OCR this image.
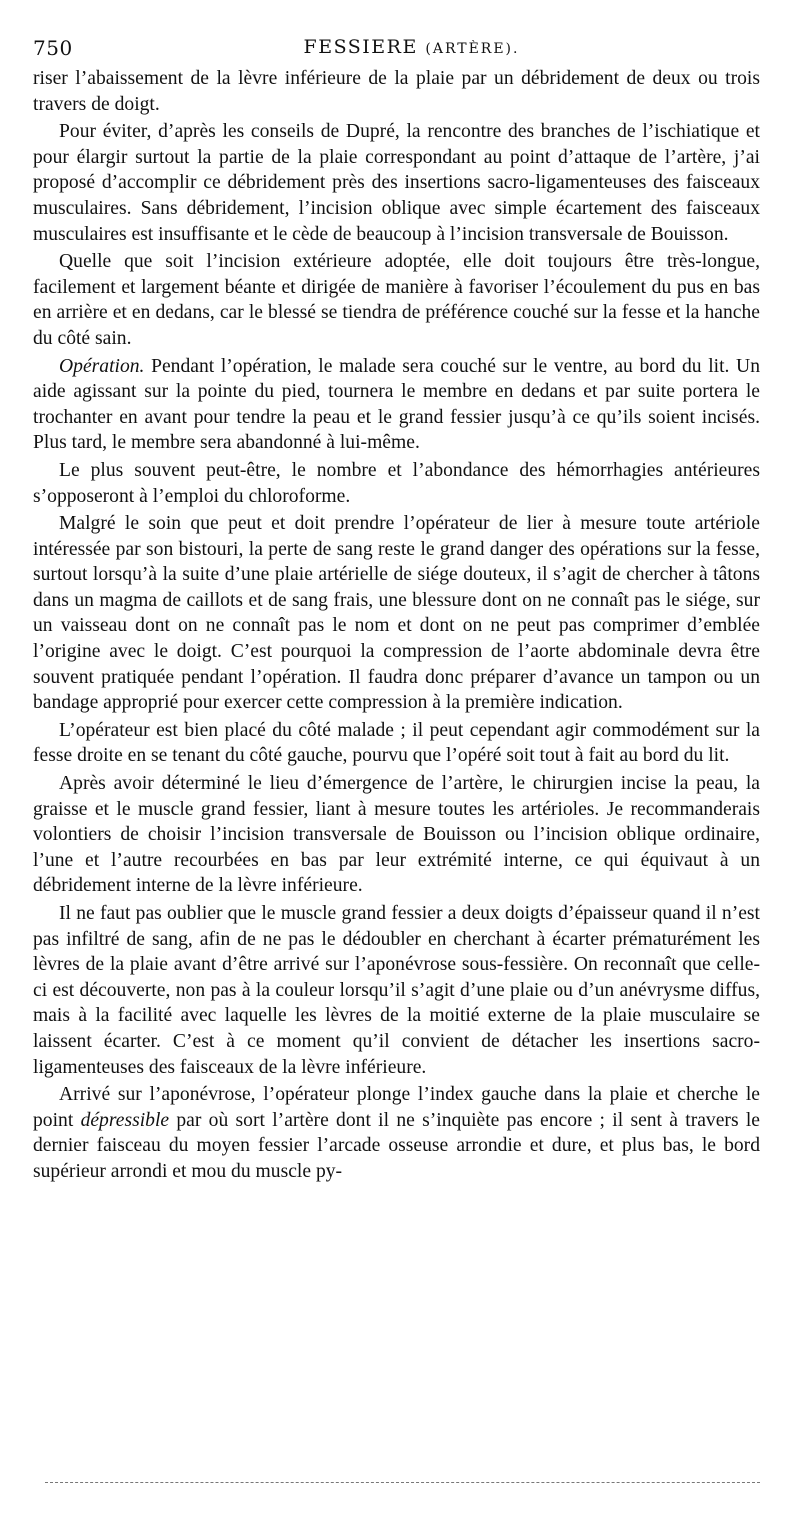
750	FESSIERE (ARTÈRE).

riser l’abaissement de la lèvre inférieure de la plaie par un débridement de deux ou trois travers de doigt.

Pour éviter, d’après les conseils de Dupré, la rencontre des branches de l’ischiatique et pour élargir surtout la partie de la plaie correspondant au point d’attaque de l’artère, j’ai proposé d’accomplir ce débridement près des insertions sacro-ligamenteuses des faisceaux musculaires. Sans débridement, l’incision oblique avec simple écartement des faisceaux musculaires est insuffisante et le cède de beaucoup à l’incision transversale de Bouisson.

Quelle que soit l’incision extérieure adoptée, elle doit toujours être très-longue, facilement et largement béante et dirigée de manière à favoriser l’écoulement du pus en bas en arrière et en dedans, car le blessé se tiendra de préférence couché sur la fesse et la hanche du côté sain.

Opération. Pendant l’opération, le malade sera couché sur le ventre, au bord du lit. Un aide agissant sur la pointe du pied, tournera le membre en dedans et par suite portera le trochanter en avant pour tendre la peau et le grand fessier jusqu’à ce qu’ils soient incisés. Plus tard, le membre sera abandonné à lui-même.

Le plus souvent peut-être, le nombre et l’abondance des hémorrhagies antérieures s’opposeront à l’emploi du chloroforme.

Malgré le soin que peut et doit prendre l’opérateur de lier à mesure toute artériole intéressée par son bistouri, la perte de sang reste le grand danger des opérations sur la fesse, surtout lorsqu’à la suite d’une plaie artérielle de siége douteux, il s’agit de chercher à tâtons dans un magma de caillots et de sang frais, une blessure dont on ne connaît pas le siége, sur un vaisseau dont on ne connaît pas le nom et dont on ne peut pas comprimer d’emblée l’origine avec le doigt. C’est pourquoi la compression de l’aorte abdominale devra être souvent pratiquée pendant l’opération. Il faudra donc préparer d’avance un tampon ou un bandage approprié pour exercer cette compression à la première indication.

L’opérateur est bien placé du côté malade ; il peut cependant agir commodément sur la fesse droite en se tenant du côté gauche, pourvu que l’opéré soit tout à fait au bord du lit.

Après avoir déterminé le lieu d’émergence de l’artère, le chirurgien incise la peau, la graisse et le muscle grand fessier, liant à mesure toutes les artérioles. Je recommanderais volontiers de choisir l’incision transversale de Bouisson ou l’incision oblique ordinaire, l’une et l’autre recourbées en bas par leur extrémité interne, ce qui équivaut à un débridement interne de la lèvre inférieure.

Il ne faut pas oublier que le muscle grand fessier a deux doigts d’épaisseur quand il n’est pas infiltré de sang, afin de ne pas le dédoubler en cherchant à écarter prématurément les lèvres de la plaie avant d’être arrivé sur l’aponévrose sous-fessière. On reconnaît que celle-ci est découverte, non pas à la couleur lorsqu’il s’agit d’une plaie ou d’un anévrysme diffus, mais à la facilité avec laquelle les lèvres de la moitié externe de la plaie musculaire se laissent écarter. C’est à ce moment qu’il convient de détacher les insertions sacro-ligamenteuses des faisceaux de la lèvre inférieure.

Arrivé sur l’aponévrose, l’opérateur plonge l’index gauche dans la plaie et cherche le point dépressible par où sort l’artère dont il ne s’inquiète pas encore ; il sent à travers le dernier faisceau du moyen fessier l’arcade osseuse arrondie et dure, et plus bas, le bord supérieur arrondi et mou du muscle py-
